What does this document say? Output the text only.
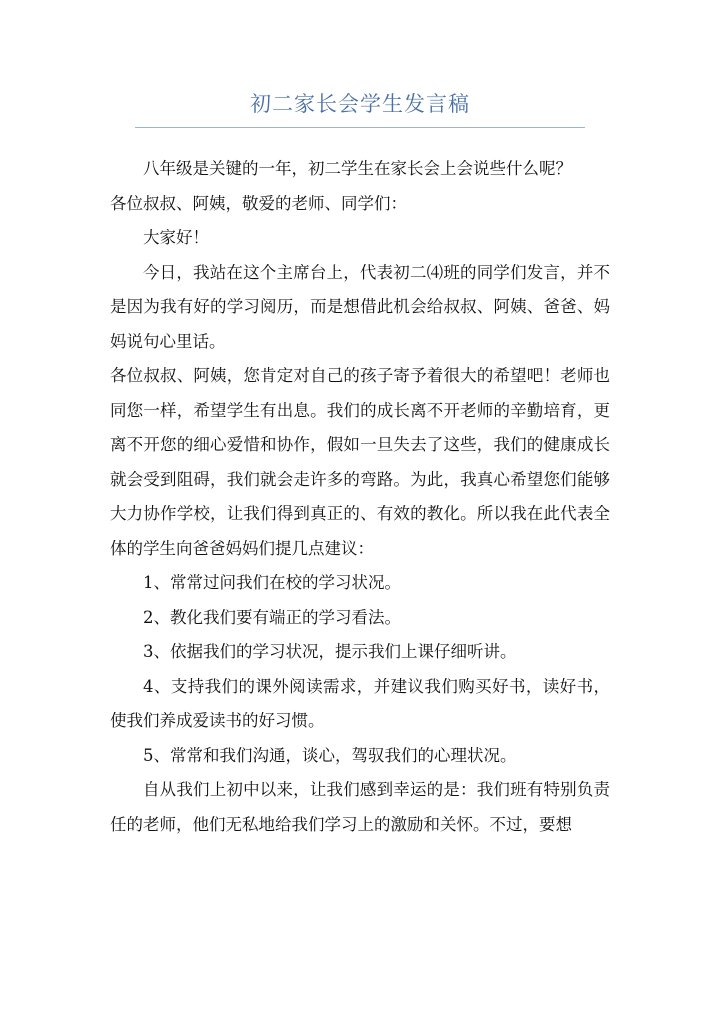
初二家长会学生发言稿

八年级是关键的一年，初二学生在家长会上会说些什么呢？

各位叔叔、阿姨，敬爱的老师、同学们：

大家好！

今日，我站在这个主席台上，代表初二⑷班的同学们发言，并不是因为我有好的学习阅历，而是想借此机会给叔叔、阿姨、爸爸、妈妈说句心里话。

各位叔叔、阿姨，您肯定对自己的孩子寄予着很大的希望吧！老师也同您一样，希望学生有出息。我们的成长离不开老师的辛勤培育，更离不开您的细心爱惜和协作，假如一旦失去了这些，我们的健康成长就会受到阻碍，我们就会走许多的弯路。为此，我真心希望您们能够大力协作学校，让我们得到真正的、有效的教化。所以我在此代表全体的学生向爸爸妈妈们提几点建议：

1、常常过问我们在校的学习状况。

2、教化我们要有端正的学习看法。

3、依据我们的学习状况，提示我们上课仔细听讲。

4、支持我们的课外阅读需求，并建议我们购买好书，读好书，使我们养成爱读书的好习惯。

5、常常和我们沟通，谈心，驾驭我们的心理状况。

自从我们上初中以来，让我们感到幸运的是：我们班有特别负责任的老师，他们无私地给我们学习上的激励和关怀。不过，要想
